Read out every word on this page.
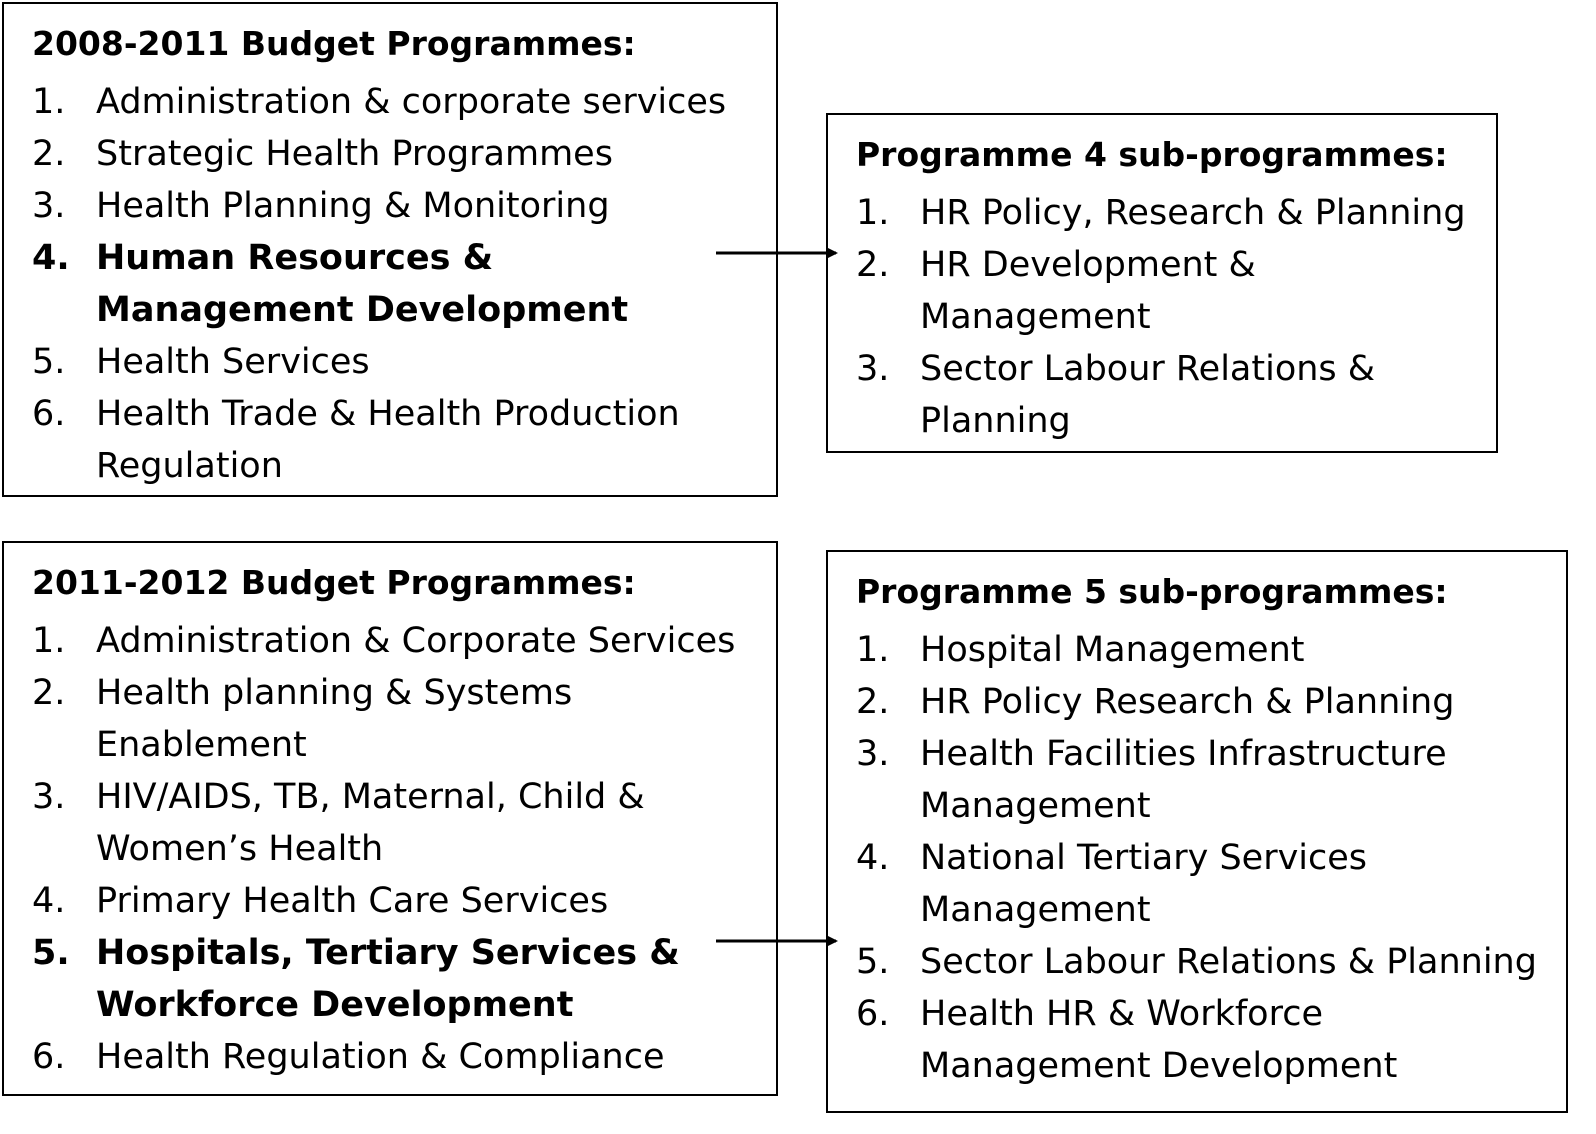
2008-2011 Budget Programmes:
1. Administration & corporate services
2. Strategic Health Programmes
3. Health Planning & Monitoring
4. Human Resources & Management Development
5. Health Services
6. Health Trade & Health Production Regulation
Programme 4 sub-programmes:
1. HR Policy, Research & Planning
2. HR Development & Management
3. Sector Labour Relations & Planning
2011-2012 Budget Programmes:
1. Administration & Corporate Services
2. Health planning & Systems Enablement
3. HIV/AIDS, TB, Maternal, Child & Women’s Health
4. Primary Health Care Services
5. Hospitals, Tertiary Services & Workforce Development
6. Health Regulation & Compliance
Programme 5 sub-programmes:
1. Hospital Management
2. HR Policy Research & Planning
3. Health Facilities Infrastructure Management
4. National Tertiary Services Management
5. Sector Labour Relations & Planning
6. Health HR & Workforce Management Development
